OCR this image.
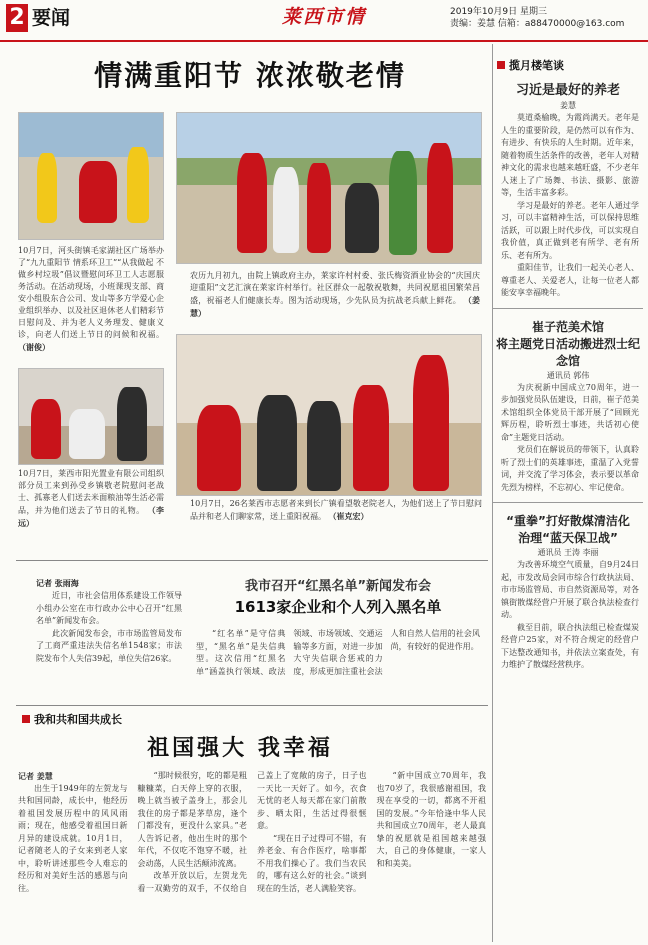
2 要闻	莱西市情	2019年10月9日 星期三
责编：姜慧 信箱：a88470000@163.com
情满重阳节 浓浓敬老情
10月7日，河头街镇毛家湖社区广场举办了“九九重阳节 情系环卫工”“从我做起 不做乡村垃圾”倡议暨慰问环卫工人志愿服务活动。在活动现场，小班课现支部、商安小组股东合公司、发山等多方学爱心企业组织举办、以及社区退休老人们精彩节日慰问及、并为老人义务理发、健康义诊，向老人们送上节日的问候和祝福。 （谢俊）
农历九月初九，由院上镇政府主办，莱家许村村委、张氏梅资酒业协会的“庆国庆 迎重阳”文艺汇演在莱家许村举行。社区群众一起敬祝敬舞，共同祝愿祖国繁荣昌盛，祝福老人们健康长寿。图为活动现场，少先队员为抗战老兵献上鲜花。 （姜慧）
10月7日，莱西市阳光置业有限公司组织部分员工来到孙受乡镇敬老院慰问老战士、孤寡老人们送去米面粮油等生活必需品，并为他们送去了节日的礼物。 （李远）
10月7日，26名莱西市志愿者来到长广镇看望敬老院老人，为他们送上了节日慰问品并和老人们聊家常，送上重阳祝福。 （崔克宏）
记者 张雨海

近日，市社会信用体系建设工作领导小组办公室在市行政办公中心召开“红黑名单”新闻发布会。

此次新闻发布会，市市场监管局发布了工商严重违法失信名单1548家；市法院发布个人失信39起，单位失信26家。

我市召开“红黑名单”新闻发布会
1613家企业和个人列入黑名单

“红名单”是守信典型，“黑名单”是失信典型。这次信用“红黑名单”涵盖执行领域、政法领域、市场领域、交通运输等多方面，对进一步加大守失信联合惩戒的力度，形成更加注重社会法人和自然人信用的社会风尚，有较好的促进作用。

我和共和国共成长
祖国强大 我幸福

记者 姜慧

出生于1949年的左贺龙与共和国同龄，成长中，他经历着祖国发展历程中的风风雨雨；现在，他感受着祖国日新月异的建设成就。10月1日，记者随老人的子女来到老人家中，聆听讲述那些令人难忘的经历和对美好生活的感恩与向往。

“那时候很穷，吃的都是粗糠糠菜，白天停上穿的衣服，晚上就当被子盖身上，那会儿我住的房子都是茅草房，逢个门都没有，更没什么家具。”老人告诉记者，他出生时的那个年代，不仅吃不饱穿不暖，社会动荡，人民生活颠沛流离。

改革开放以后，左贺龙先看一双勤劳的双手，不仅给自己盖上了宽敞的房子，日子也一天比一天好了。如今，衣食无忧的老人每天都在家门前散步、晒太阳，生活过得很惬意。

“现在日子过得可不错，有养老金、有合作医疗，啥事都不用我们操心了。我们当农民的，哪有这么好的社会。”谈到现在的生活，老人满脸笑容。

“新中国成立70周年，我也70岁了，我很感谢祖国，我现在享受的一切，都离不开祖国的发展。”今年恰逢中华人民共和国成立70周年，老人最真挚的祝愿就是祖国越来越强大，自己的身体健康，一家人和和美美。

揽月楼笔谈
习近是最好的养老
姜慧

莫道桑榆晚，为霞尚满天。老年是人生的重要阶段，是仍然可以有作为、有进步、有快乐的人生时期。近年来，随着物质生活条件的改善，老年人对精神文化的需求也越来越旺盛，不少老年人迷上了广场舞、书法、摄影、旅游等，生活丰富多彩。

学习是最好的养老。老年人通过学习，可以丰富精神生活，可以保持思维活跃，可以跟上时代步伐，可以实现自我价值，真正做到老有所学、老有所乐、老有所为。

重阳佳节，让我们一起关心老人、尊重老人、关爱老人，让每一位老人都能安享幸福晚年。

崔子范美术馆
将主题党日活动搬进烈士纪念馆
通讯员 郭伟

为庆祝新中国成立70周年，进一步加强党员队伍建设，日前，崔子范美术馆组织全体党员干部开展了“回顾光辉历程，聆听烈士事迹，共话初心使命”主题党日活动。

党员们在解说员的带领下，认真聆听了烈士们的英雄事迹，重温了入党誓词，并交流了学习体会，表示要以革命先烈为榜样，不忘初心、牢记使命。

“重拳”打好散煤清洁化
治理“蓝天保卫战”
通讯员 王涛 李丽

为改善环境空气质量，自9月24日起，市发改局会同市综合行政执法局、市市场监管局、市自然资源局等，对各镇街散煤经营户开展了联合执法检查行动。

截至目前，联合执法组已检查煤炭经营户25家，对不符合规定的经营户下达整改通知书，并依法立案查处，有力维护了散煤经营秩序。
